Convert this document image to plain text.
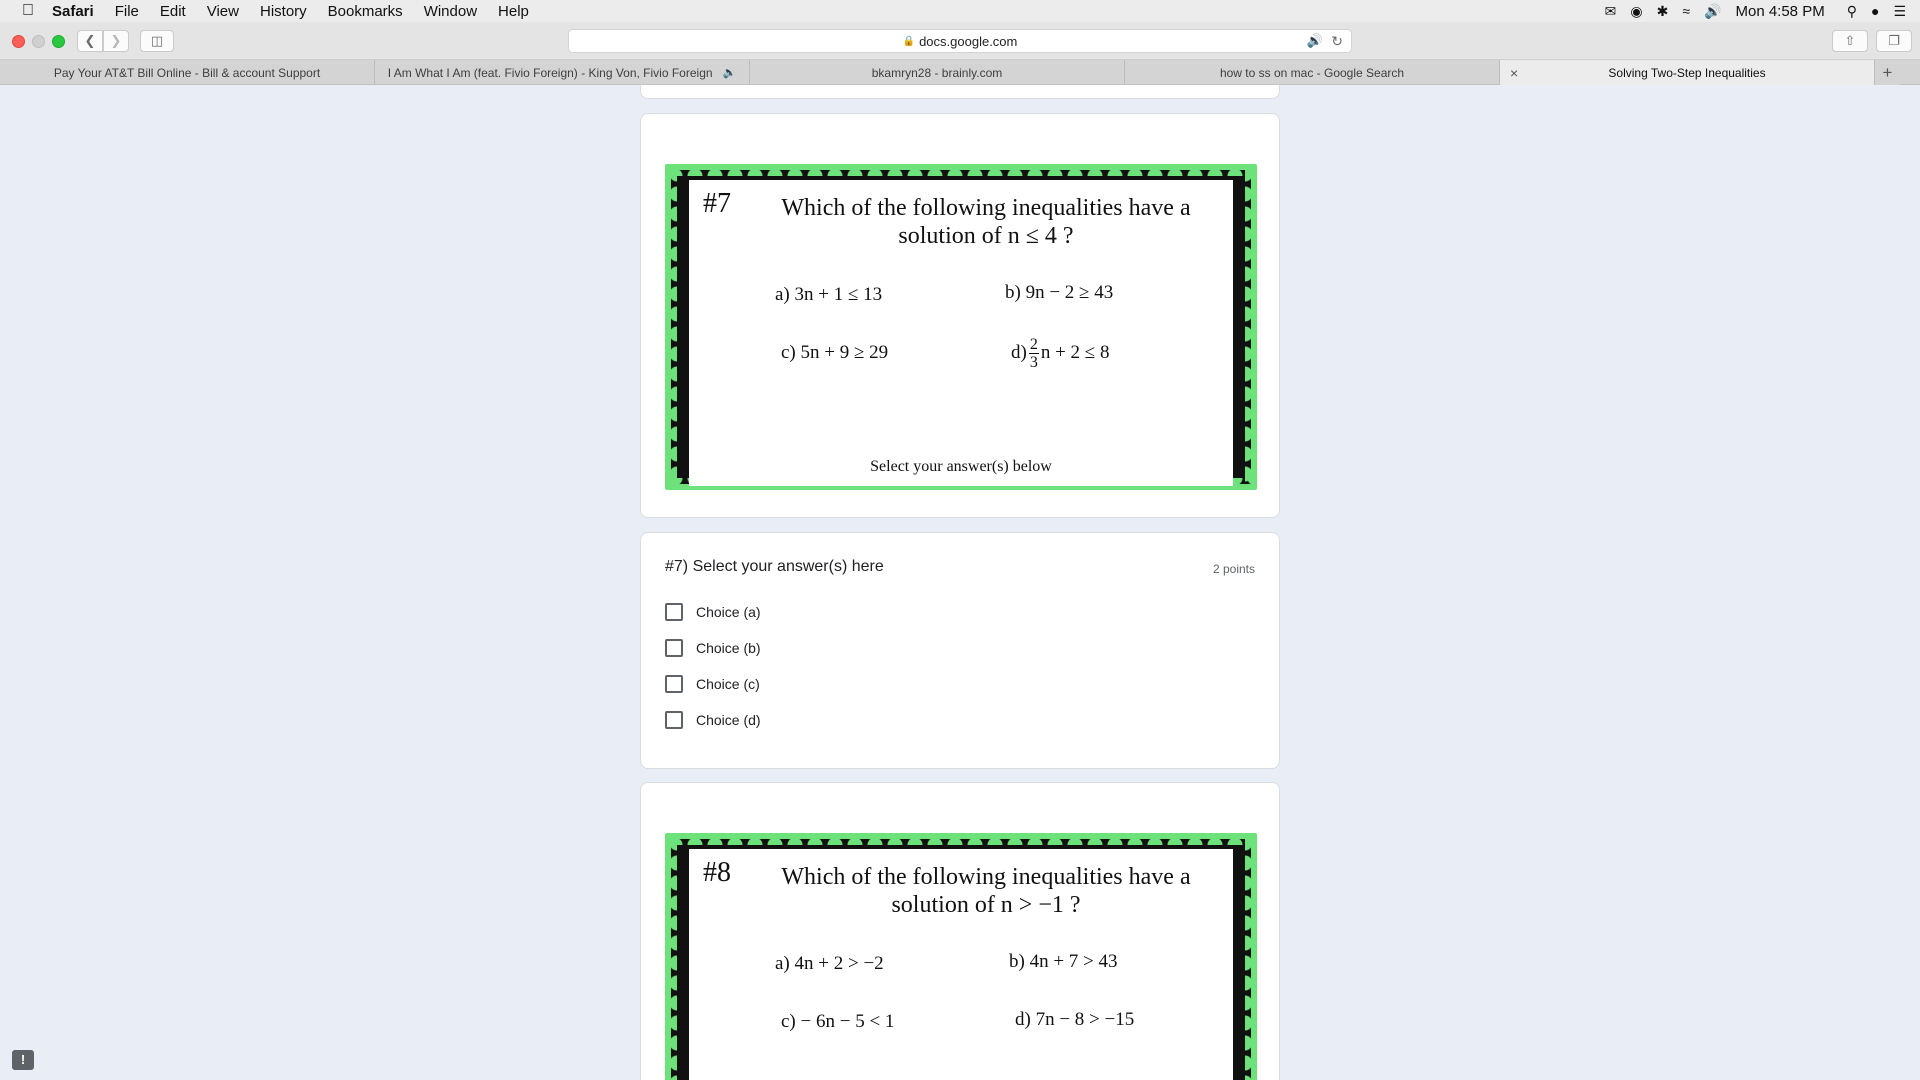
Safari File Edit View History Bookmarks Window Help	✉ ◉ ✱ ≈ 🔊 Mon 4:58 PM ⚲ ● ☰
❮ ❯ ◫	🔒 docs.google.com	🔊 ↻	⇧	❐
Pay Your AT&T Bill Online - Bill & account Support	I Am What I Am (feat. Fivio Foreign) - King Von, Fivio Foreign 🔈	bkamryn28 - brainly.com	how to ss on mac - Google Search	×	Solving Two-Step Inequalities	+
#7	Which of the following inequalities have a
solution of n ≤ 4 ?
a) 3n + 1 ≤ 13	b) 9n − 2 ≥ 43
c) 5n + 9 ≥ 29	$d) \frac{2}{3}$ n + 2 ≤ 8
Select your answer(s) below
#7) Select your answer(s) here	2 points
Choice (a)
Choice (b)
Choice (c)
Choice (d)
#8	Which of the following inequalities have a
solution of n > −1 ?
a) 4n + 2 > −2	b) 4n + 7 > 43
c) − 6n − 5 < 1	d) 7n − 8 > −15
!
